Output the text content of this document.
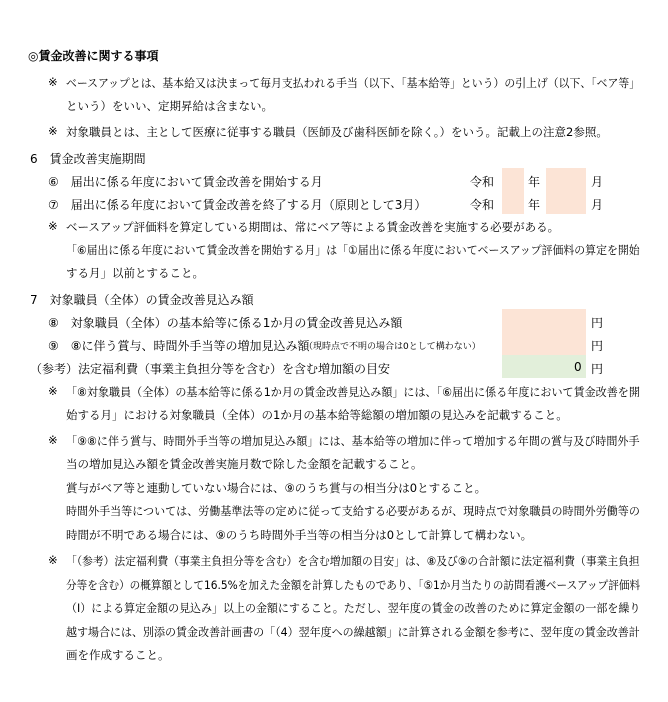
◎賃金改善に関する事項
※ ベースアップとは、基本給又は決まって毎月支払われる手当（以下、「基本給等」という）の引上げ（以下、「ベア等」
という）をいい、定期昇給は含まない。
※ 対象職員とは、主として医療に従事する職員（医師及び歯科医師を除く。）をいう。記載上の注意2参照。
6　賃金改善実施期間
⑥　届出に係る年度において賃金改善を開始する月	令和	年	月
⑦　届出に係る年度において賃金改善を終了する月（原則として3月）	令和	年	月
※ ベースアップ評価料を算定している期間は、常にベア等による賃金改善を実施する必要がある。
「⑥届出に係る年度において賃金改善を開始する月」は「①届出に係る年度においてベースアップ評価料の算定を開始
する月」以前とすること。
7　対象職員（全体）の賃金改善見込み額
⑧　対象職員（全体）の基本給等に係る1か月の賃金改善見込み額	円
⑨　⑧に伴う賞与、時間外手当等の増加見込み額
（現時点で不明の場合は0として構わない）	円
（参考）法定福利費（事業主負担分等を含む）を含む増加額の目安	0 円
※ 「⑧対象職員（全体）の基本給等に係る1か月の賃金改善見込み額」には、「⑥届出に係る年度において賃金改善を開
始する月」における対象職員（全体）の1か月の基本給等総額の増加額の見込みを記載すること。
※ 「⑨⑧に伴う賞与、時間外手当等の増加見込み額」には、基本給等の増加に伴って増加する年間の賞与及び時間外手
当の増加見込み額を賃金改善実施月数で除した金額を記載すること。
賞与がベア等と連動していない場合には、⑨のうち賞与の相当分は0とすること。
時間外手当等については、労働基準法等の定めに従って支給する必要があるが、現時点で対象職員の時間外労働等の
時間が不明である場合には、⑨のうち時間外手当等の相当分は0として計算して構わない。
※ 「（参考）法定福利費（事業主負担分等を含む）を含む増加額の目安」は、⑧及び⑨の合計額に法定福利費（事業主負担
分等を含む）の概算額として16.5%を加えた金額を計算したものであり、「⑤1か月当たりの訪問看護ベースアップ評価料
（Ⅰ）による算定金額の見込み」以上の金額にすること。ただし、翌年度の賃金の改善のために算定金額の一部を繰り
越す場合には、別添の賃金改善計画書の「（4）翌年度への繰越額」に計算される金額を参考に、翌年度の賃金改善計
画を作成すること。
